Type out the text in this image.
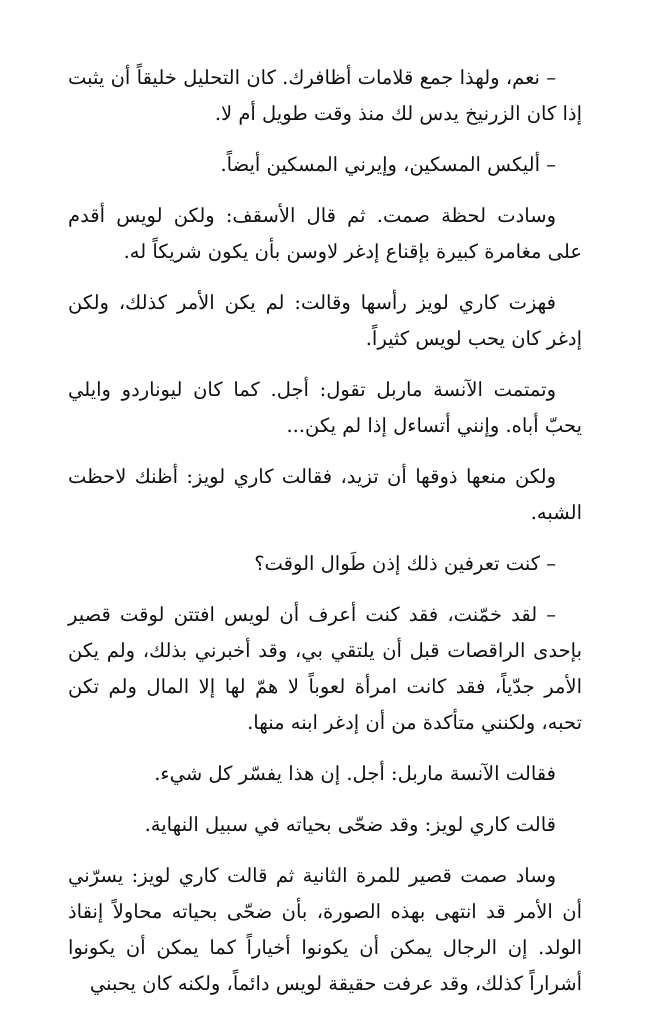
– نعم، ولهذا جمع قلامات أظافرك. كان التحليل خليقاً أن يثبت إذا كان الزرنيخ يدس لك منذ وقت طويل أم لا.

– أليكس المسكين، وإيرني المسكين أيضاً.

وسادت لحظة صمت. ثم قال الأسقف: ولكن لويس أقدم على مغامرة كبيرة بإقناع إدغر لاوسن بأن يكون شريكاً له.

فهزت كاري لويز رأسها وقالت: لم يكن الأمر كذلك، ولكن إدغر كان يحب لويس كثيراً.

وتمتمت الآنسة ماربل تقول: أجل. كما كان ليوناردو وايلي يحبّ أباه. وإنني أتساءل إذا لم يكن...

ولكن منعها ذوقها أن تزيد، فقالت كاري لويز: أظنك لاحظت الشبه.

– كنت تعرفين ذلك إذن طَوال الوقت؟

– لقد خمّنت، فقد كنت أعرف أن لويس افتتن لوقت قصير بإحدى الراقصات قبل أن يلتقي بي، وقد أخبرني بذلك، ولم يكن الأمر جدّياً، فقد كانت امرأة لعوباً لا همّ لها إلا المال ولم تكن تحبه، ولكنني متأكدة من أن إدغر ابنه منها.

فقالت الآنسة ماربل: أجل. إن هذا يفسّر كل شيء.

قالت كاري لويز: وقد ضحّى بحياته في سبيل النهاية.

وساد صمت قصير للمرة الثانية ثم قالت كاري لويز: يسرّني أن الأمر قد انتهى بهذه الصورة، بأن ضحّى بحياته محاولاً إنقاذ الولد. إن الرجال يمكن أن يكونوا أخياراً كما يمكن أن يكونوا أشراراً كذلك، وقد عرفت حقيقة لويس دائماً، ولكنه كان يحبني
